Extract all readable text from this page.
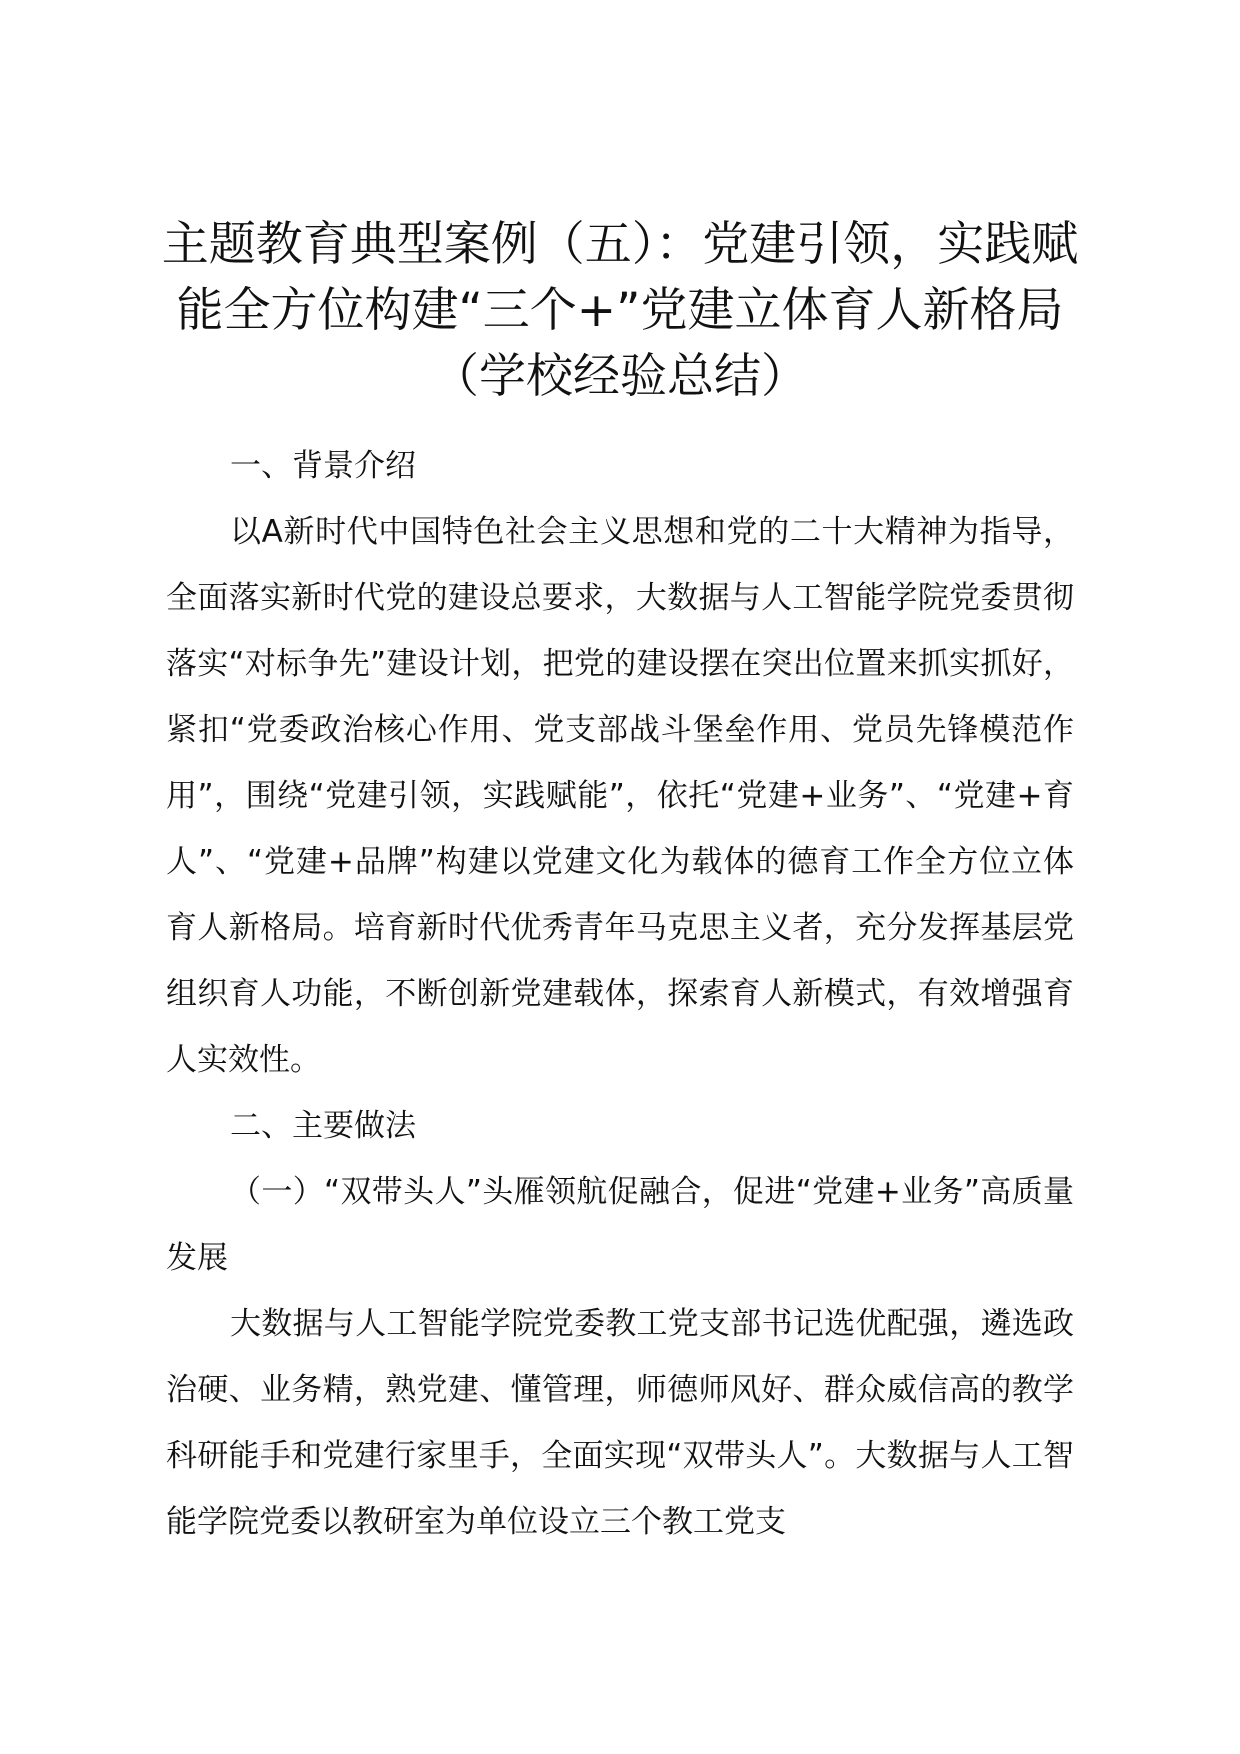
主题教育典型案例（五）：党建引领，实践赋
能全方位构建“三个+”党建立体育人新格局
（学校经验总结）

一、背景介绍

以A新时代中国特色社会主义思想和党的二十大精神为指导，全面落实新时代党的建设总要求，大数据与人工智能学院党委贯彻落实“对标争先”建设计划，把党的建设摆在突出位置来抓实抓好，紧扣“党委政治核心作用、党支部战斗堡垒作用、党员先锋模范作用”，围绕“党建引领，实践赋能”，依托“党建+业务”、“党建+育人”、“党建+品牌”构建以党建文化为载体的德育工作全方位立体育人新格局。培育新时代优秀青年马克思主义者，充分发挥基层党组织育人功能，不断创新党建载体，探索育人新模式，有效增强育人实效性。

二、主要做法

（一）“双带头人”头雁领航促融合，促进“党建+业务”高质量发展

大数据与人工智能学院党委教工党支部书记选优配强，遴选政治硬、业务精，熟党建、懂管理，师德师风好、群众威信高的教学科研能手和党建行家里手，全面实现“双带头人”。大数据与人工智能学院党委以教研室为单位设立三个教工党支
